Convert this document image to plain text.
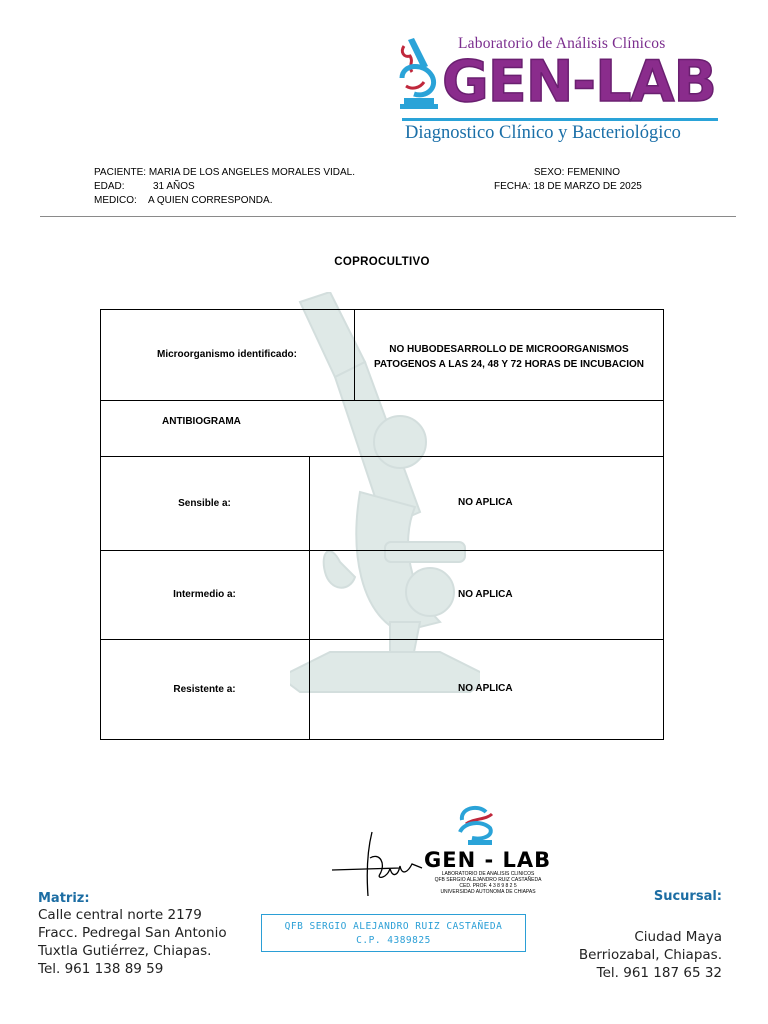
Laboratorio de Análisis Clínicos
GEN-LAB
Diagnostico Clínico y Bacteriológico
PACIENTE: MARIA DE LOS ANGELES MORALES VIDAL.
EDAD:	31 AÑOS
MEDICO:	A QUIEN CORRESPONDA.
SEXO: FEMENINO
FECHA: 18 DE MARZO DE 2025
COPROCULTIVO
Microorganismo identificado:	NO HUBODESARROLLO DE MICROORGANISMOS
PATOGENOS A LAS 24, 48 Y 72 HORAS DE INCUBACION
ANTIBIOGRAMA
Sensible a:	NO APLICA
Intermedio a:	NO APLICA
Resistente a:	NO APLICA
GEN - LAB
LABORATORIO DE ANALISIS CLINICOS
QFB SERGIO ALEJANDRO RUIZ CASTAÑEDA
CED. PROF. 4 3 8 9 8 2 5
UNIVERSIDAD AUTONOMA DE CHIAPAS
QFB SERGIO ALEJANDRO RUIZ CASTAÑEDA
C.P. 4389825
Matriz:
Calle central norte 2179
Fracc. Pedregal San Antonio
Tuxtla Gutiérrez, Chiapas.
Tel. 961 138 89 59
Sucursal:
Ciudad Maya
Berriozabal, Chiapas.
Tel. 961 187 65 32
